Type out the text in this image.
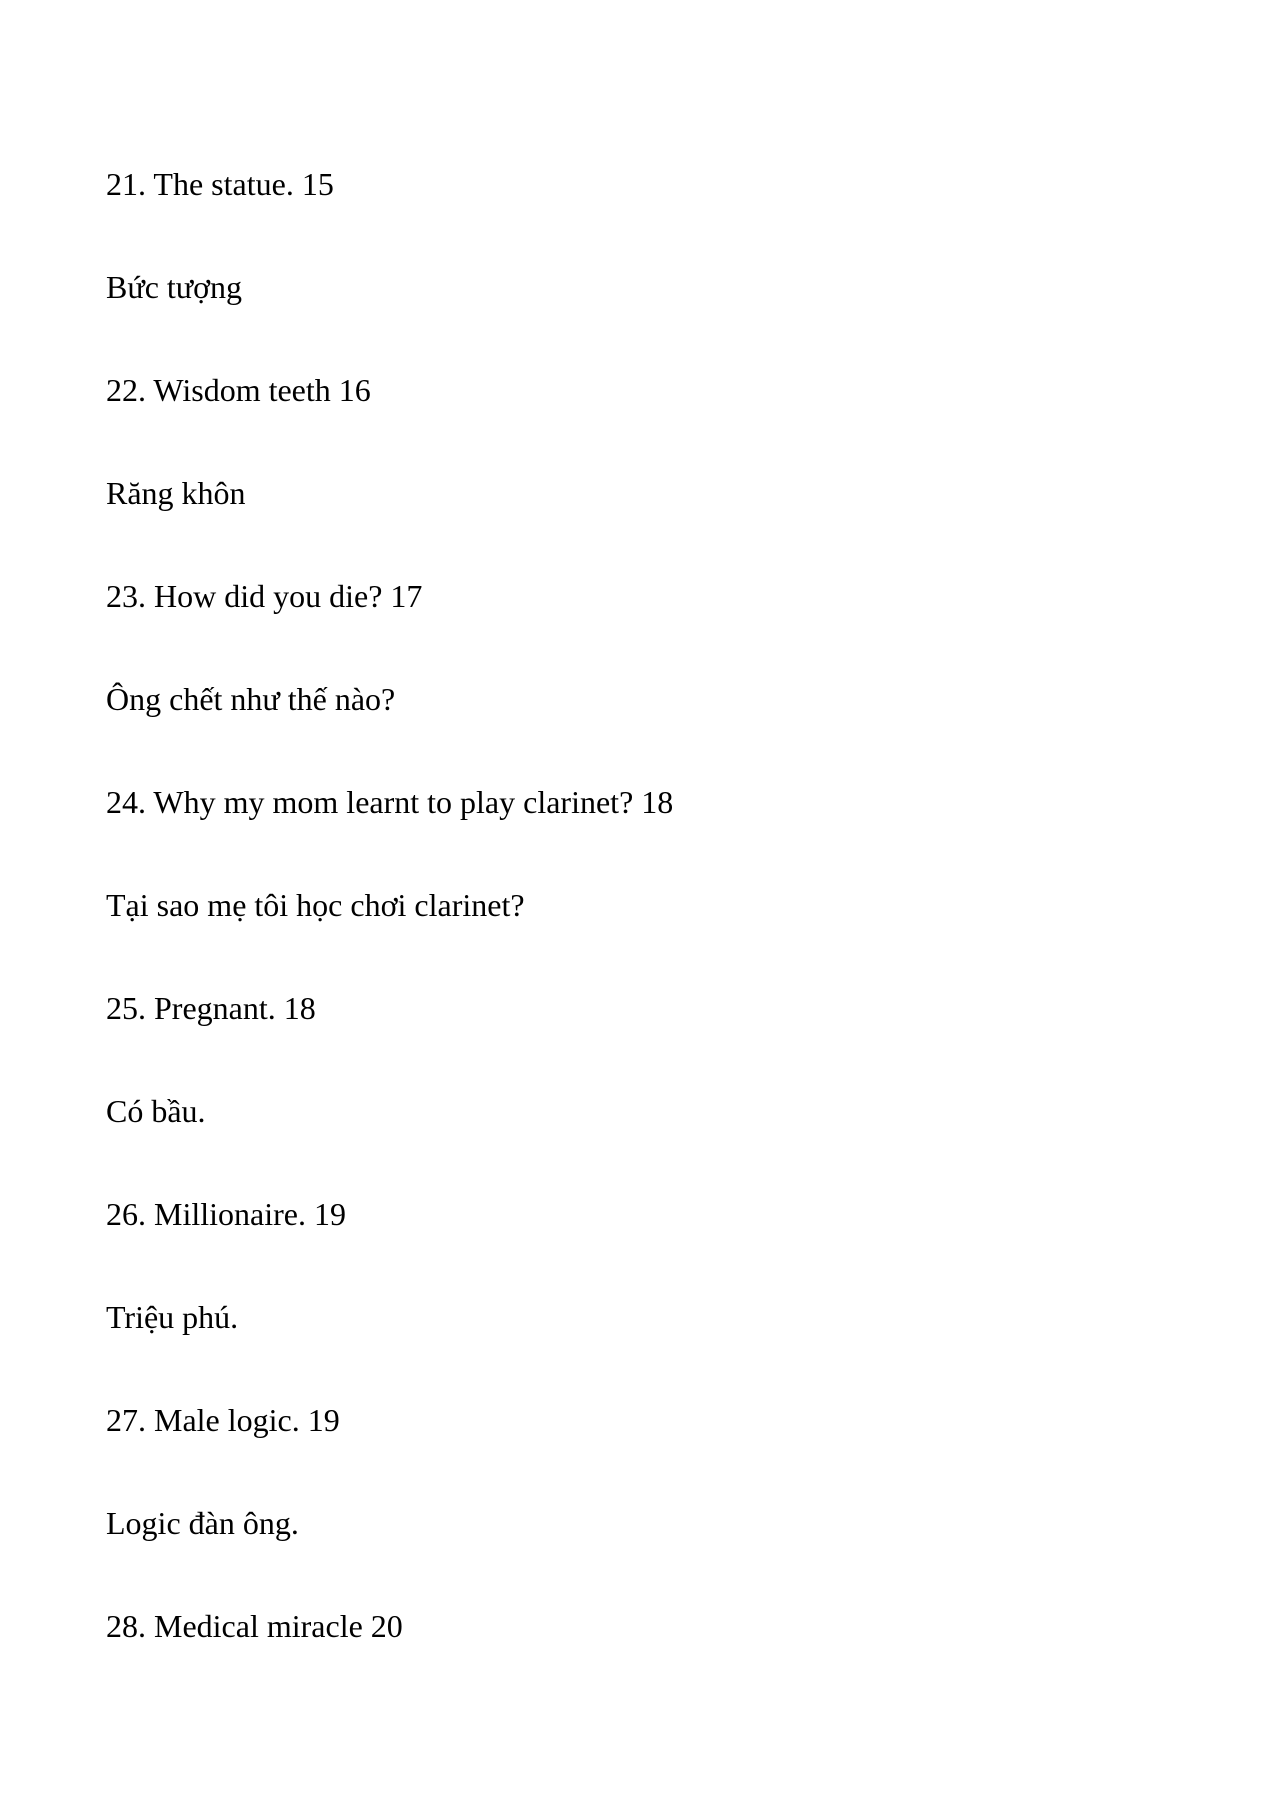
21. The statue. 15

Bức tượng

22. Wisdom teeth 16

Răng khôn

23. How did you die? 17

Ông chết như thế nào?

24. Why my mom learnt to play clarinet? 18

Tại sao mẹ tôi học chơi clarinet?

25. Pregnant. 18

Có bầu.

26. Millionaire. 19

Triệu phú.

27. Male logic. 19

Logic đàn ông.

28. Medical miracle 20
